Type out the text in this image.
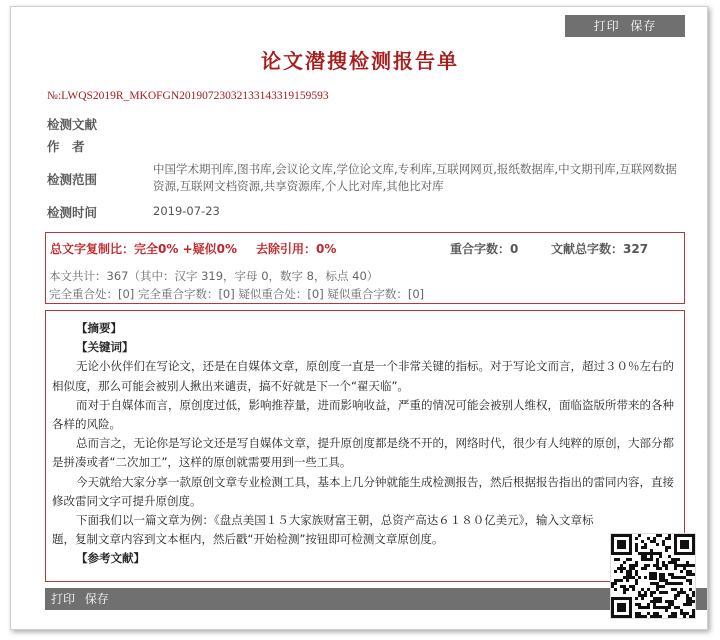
打印 保存
论文潜搜检测报告单
№:LWQS2019R_MKOFGN20190723032133143319159593
检测文献
作　者
检测范围
中国学术期刊库,图书库,会议论文库,学位论文库,专利库,互联网网页,报纸数据库,中文期刊库,互联网数据资源,互联网文档资源,共享资源库,个人比对库,其他比对库
检测时间	2019-07-23
总文字复制比：完全0% +疑似0% 去除引用：0%	重合字数：0	文献总字数：327
本文共计：367（其中：汉字 319，字母 0，数字 8，标点 40）
完全重合处：[0] 完全重合字数：[0] 疑似重合处：[0] 疑似重合字数：[0]

【摘要】

【关键词】

无论小伙伴们在写论文，还是在自媒体文章，原创度一直是一个非常关键的指标。对于写论文而言，超过３０％左右的相似度，那么可能会被别人揪出来谴责，搞不好就是下一个“翟天临”。

而对于自媒体而言，原创度过低，影响推荐量，进而影响收益，严重的情况可能会被别人维权，面临盗版所带来的各种各样的风险。

总而言之，无论你是写论文还是写自媒体文章，提升原创度都是绕不开的，网络时代，很少有人纯粹的原创，大部分都是拼凑或者“二次加工”，这样的原创就需要用到一些工具。

今天就给大家分享一款原创文章专业检测工具，基本上几分钟就能生成检测报告，然后根据报告指出的雷同内容，直接修改雷同文字可提升原创度。

下面我们以一篇文章为例：《盘点美国１５大家族财富王朝，总资产高达６１８０亿美元》，输入文章标题，复制文章内容到文本框内，然后戳“开始检测”按钮即可检测文章原创度。

【参考文献】

打印 保存
